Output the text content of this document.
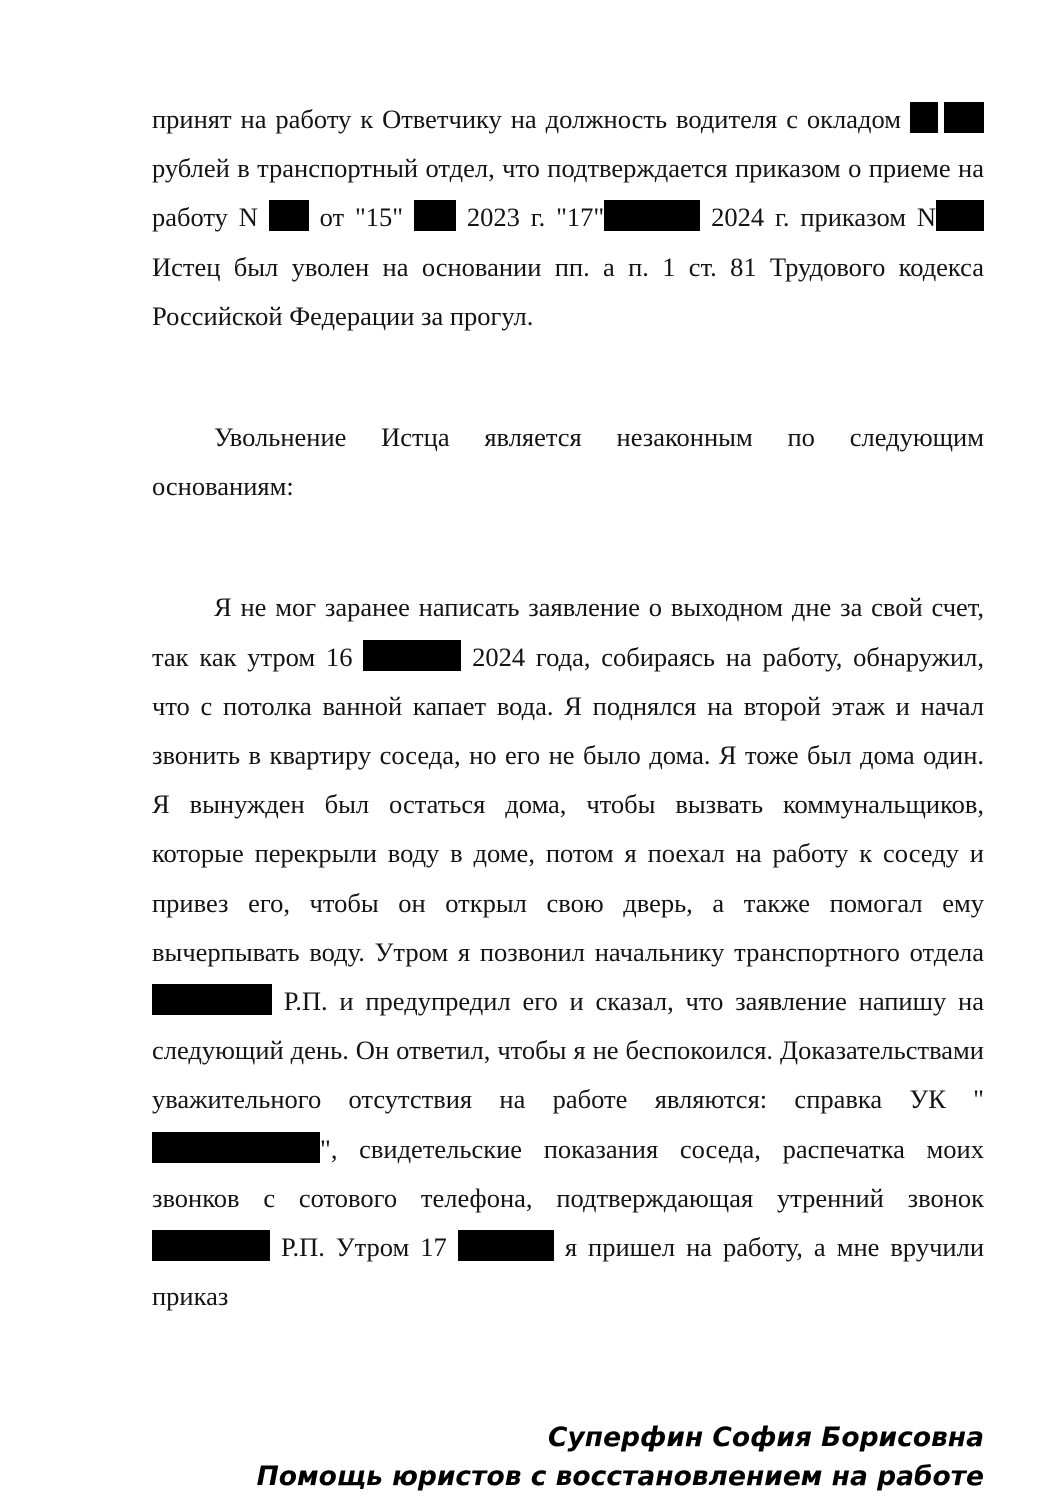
принят на работу к Ответчику на должность водителя с окладом  рублей в транспортный отдел, что подтверждается приказом о приеме на работу N  от "15"  2023 г. "17"	2024 г. приказом N Истец был уволен на основании пп. а п. 1 ст. 81 Трудового кодекса Российской Федерации за прогул.

Увольнение Истца является незаконным по следующим основаниям:

Я не мог заранее написать заявление о выходном дне за свой счет, так как утром 16	2024 года, собираясь на работу, обнаружил, что с потолка ванной капает вода. Я поднялся на второй этаж и начал звонить в квартиру соседа, но его не было дома. Я тоже был дома один. Я вынужден был остаться дома, чтобы вызвать коммунальщиков, которые перекрыли воду в доме, потом я поехал на работу к соседу и привез его, чтобы он открыл свою дверь, а также помогал ему вычерпывать воду. Утром я позвонил начальнику транспортного отдела  Р.П. и предупредил его и сказал, что заявление напишу на следующий день. Он ответил, чтобы я не беспокоился. Доказательствами уважительного отсутствия на работе являются: справка УК "", свидетельские показания соседа, распечатка моих звонков с сотового телефона, подтверждающая утренний звонок  Р.П. Утром 17	я пришел на работу, а мне вручили приказ

Суперфин София Борисовна
Помощь юристов с восстановлением на работе
